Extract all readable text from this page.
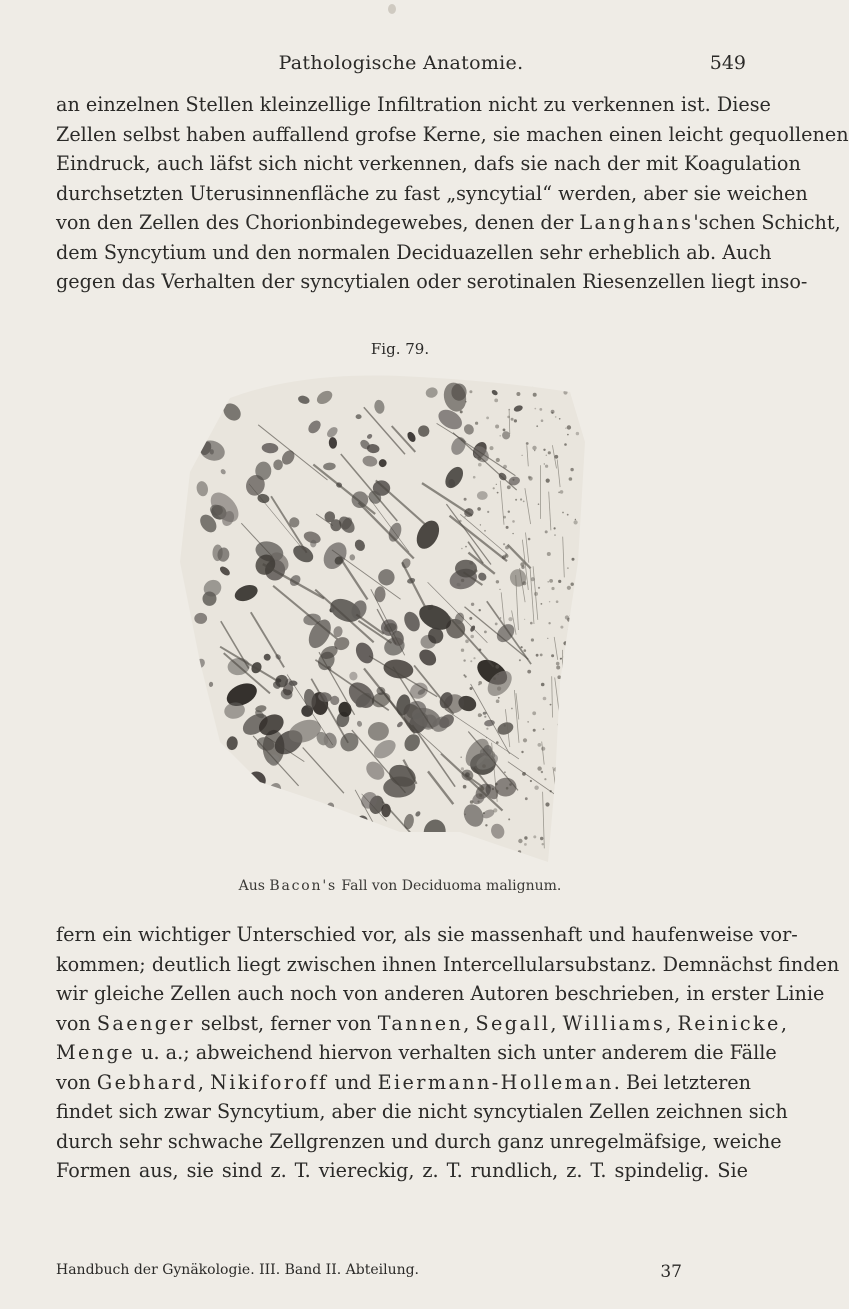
Pathologische Anatomie.	549
an einzelnen Stellen kleinzellige Infiltration nicht zu verkennen ist. Diese
Zellen selbst haben auffallend grofse Kerne, sie machen einen leicht gequollenen
Eindruck, auch läfst sich nicht verkennen, dafs sie nach der mit Koagulation
durchsetzten Uterusinnenfläche zu fast „syncytial“ werden, aber sie weichen
von den Zellen des Chorionbindegewebes, denen der Langhans'schen Schicht,
dem Syncytium und den normalen Deciduazellen sehr erheblich ab. Auch
gegen das Verhalten der syncytialen oder serotinalen Riesenzellen liegt inso-
Fig. 79.
Aus Bacon's Fall von Deciduoma malignum.
fern ein wichtiger Unterschied vor, als sie massenhaft und haufenweise vor-
kommen; deutlich liegt zwischen ihnen Intercellularsubstanz. Demnächst finden
wir gleiche Zellen auch noch von anderen Autoren beschrieben, in erster Linie
von Saenger selbst, ferner von Tannen, Segall, Williams, Reinicke,
Menge u. a.; abweichend hiervon verhalten sich unter anderem die Fälle
von Gebhard, Nikiforoff und Eiermann-Holleman. Bei letzteren
findet sich zwar Syncytium, aber die nicht syncytialen Zellen zeichnen sich
durch sehr schwache Zellgrenzen und durch ganz unregelmäfsige, weiche
Formen aus, sie sind z. T. viereckig, z. T. rundlich, z. T. spindelig. Sie
Handbuch der Gynäkologie. III. Band II. Abteilung.	37
